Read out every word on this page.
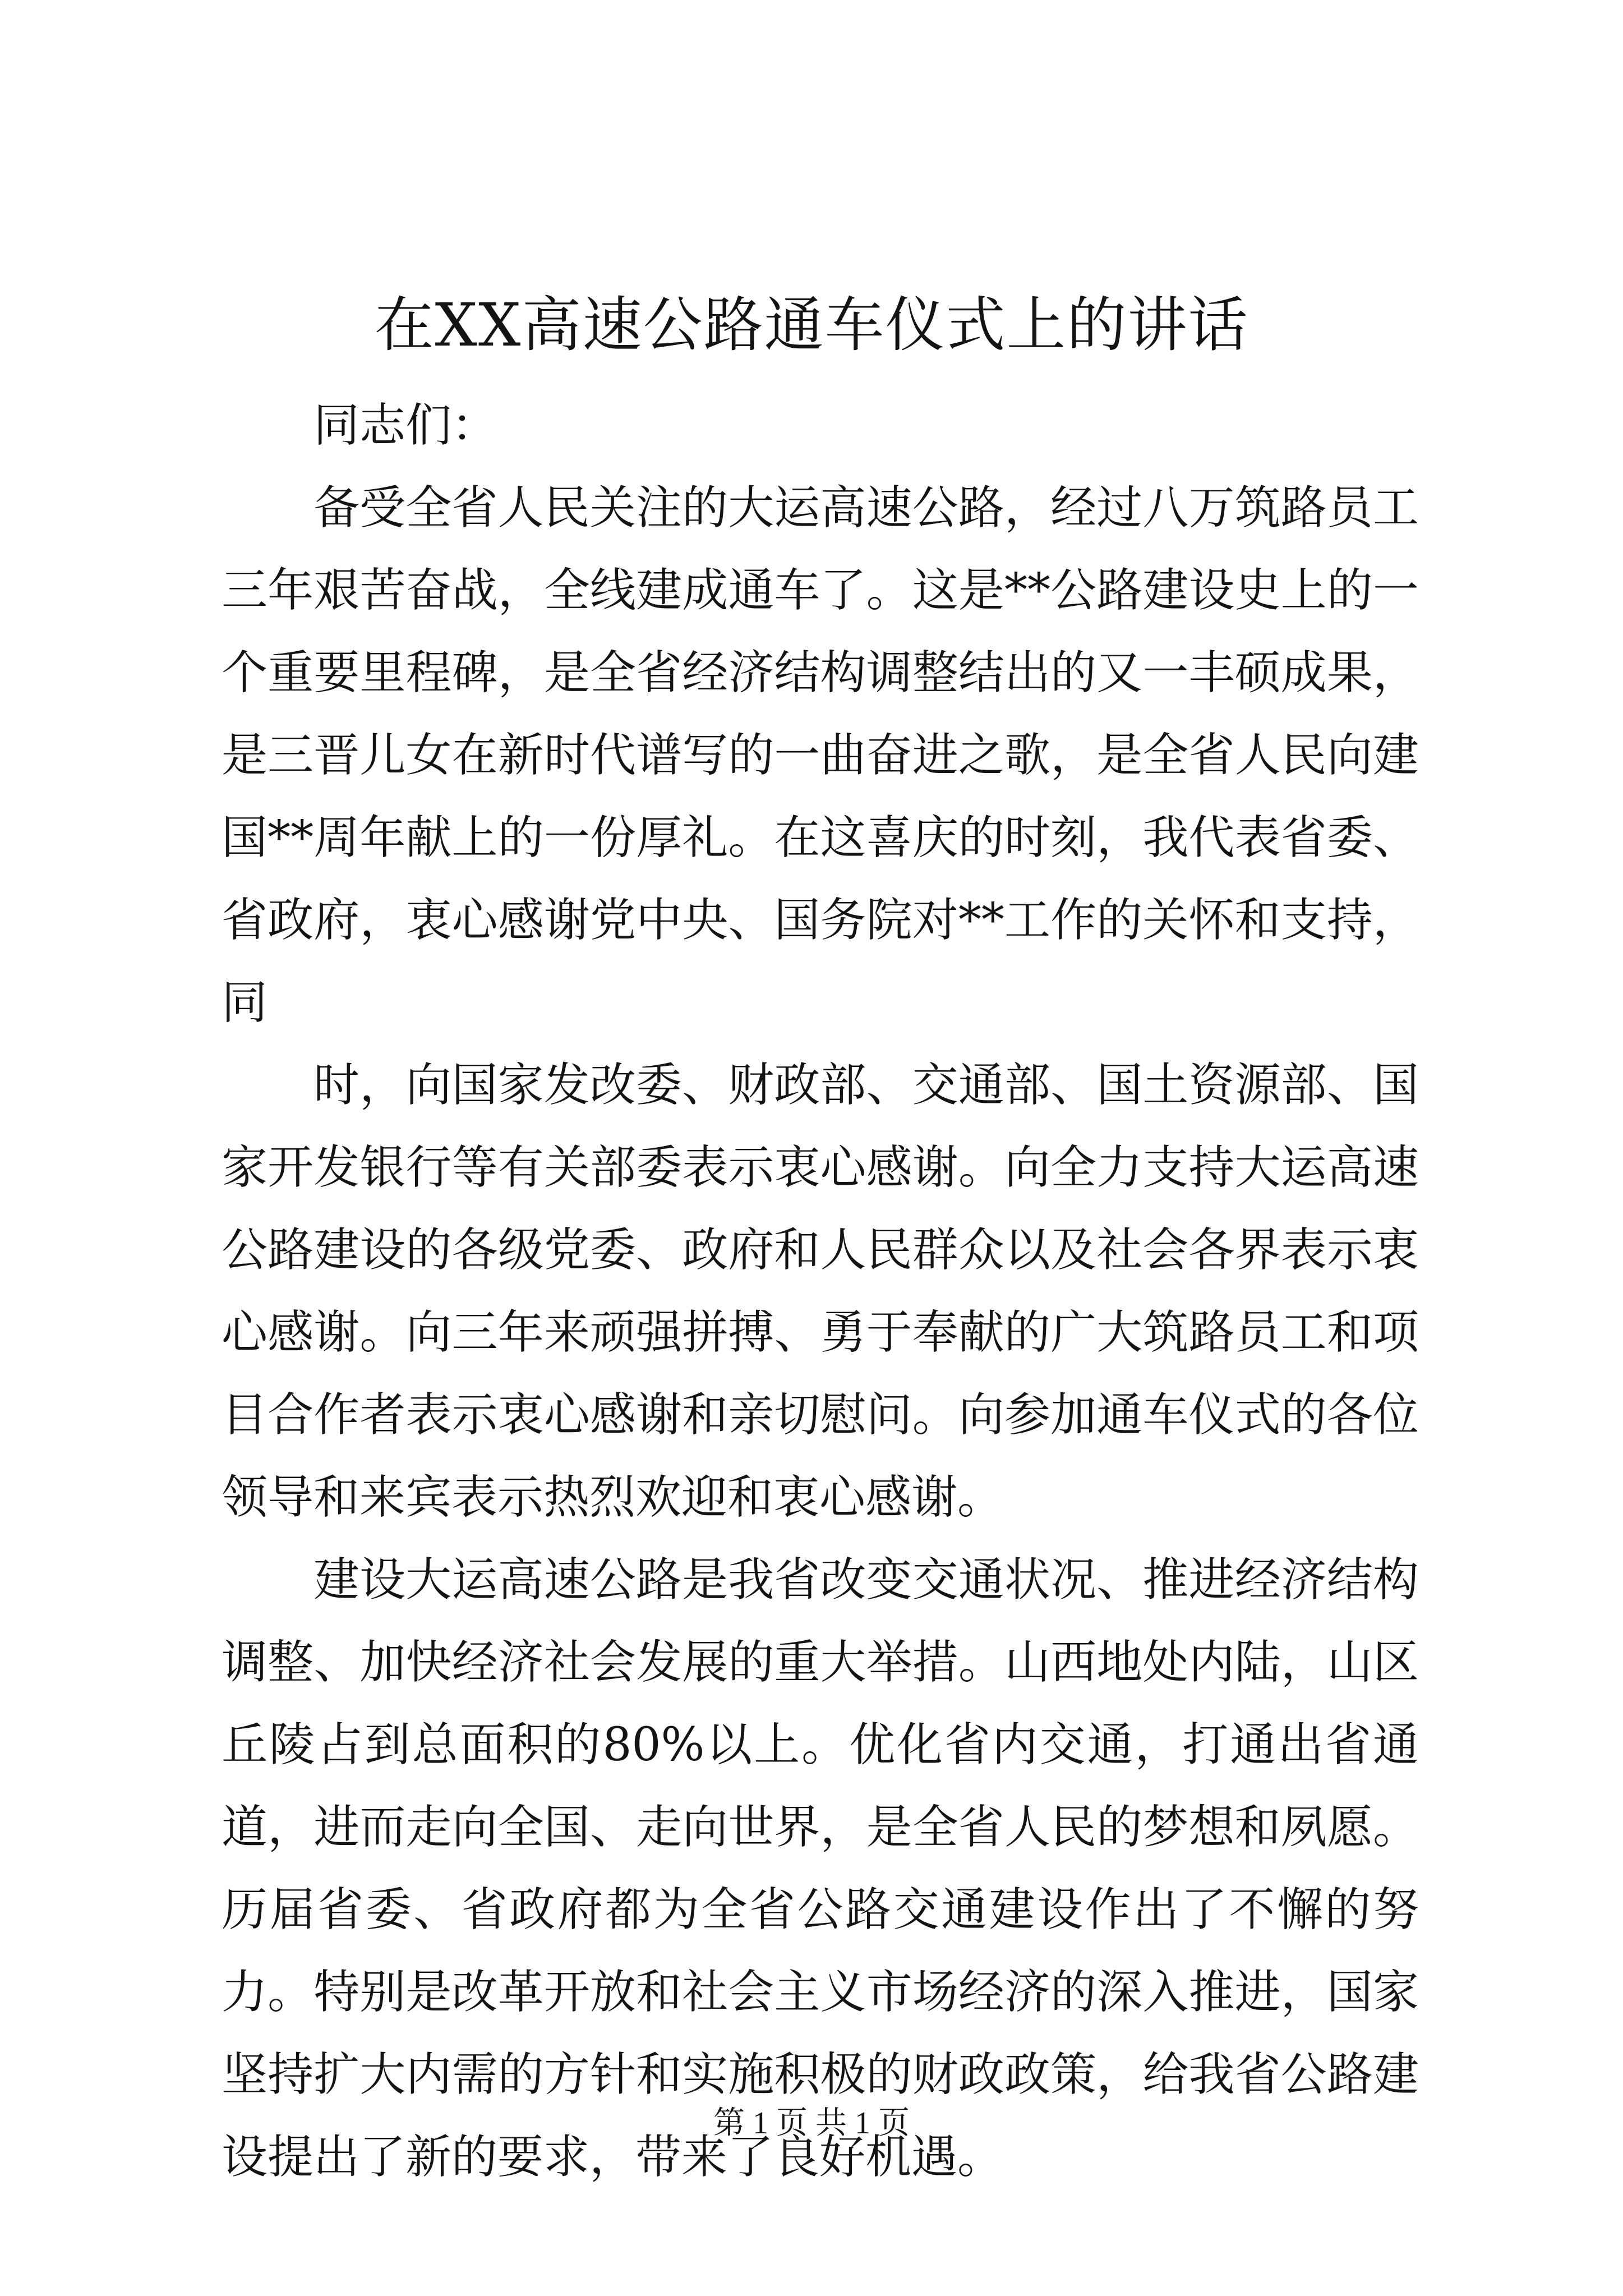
在XX高速公路通车仪式上的讲话

同志们：

备受全省人民关注的大运高速公路，经过八万筑路员工三年艰苦奋战，全线建成通车了。这是**公路建设史上的一个重要里程碑，是全省经济结构调整结出的又一丰硕成果，是三晋儿女在新时代谱写的一曲奋进之歌，是全省人民向建国**周年献上的一份厚礼。在这喜庆的时刻，我代表省委、省政府，衷心感谢党中央、国务院对**工作的关怀和支持，同

时，向国家发改委、财政部、交通部、国土资源部、国家开发银行等有关部委表示衷心感谢。向全力支持大运高速公路建设的各级党委、政府和人民群众以及社会各界表示衷心感谢。向三年来顽强拼搏、勇于奉献的广大筑路员工和项目合作者表示衷心感谢和亲切慰问。向参加通车仪式的各位领导和来宾表示热烈欢迎和衷心感谢。

建设大运高速公路是我省改变交通状况、推进经济结构调整、加快经济社会发展的重大举措。山西地处内陆，山区丘陵占到总面积的80%以上。优化省内交通，打通出省通道，进而走向全国、走向世界，是全省人民的梦想和夙愿。历届省委、省政府都为全省公路交通建设作出了不懈的努力。特别是改革开放和社会主义市场经济的深入推进，国家坚持扩大内需的方针和实施积极的财政政策，给我省公路建设提出了新的要求，带来了良好机遇。

第 1 页 共 1 页
